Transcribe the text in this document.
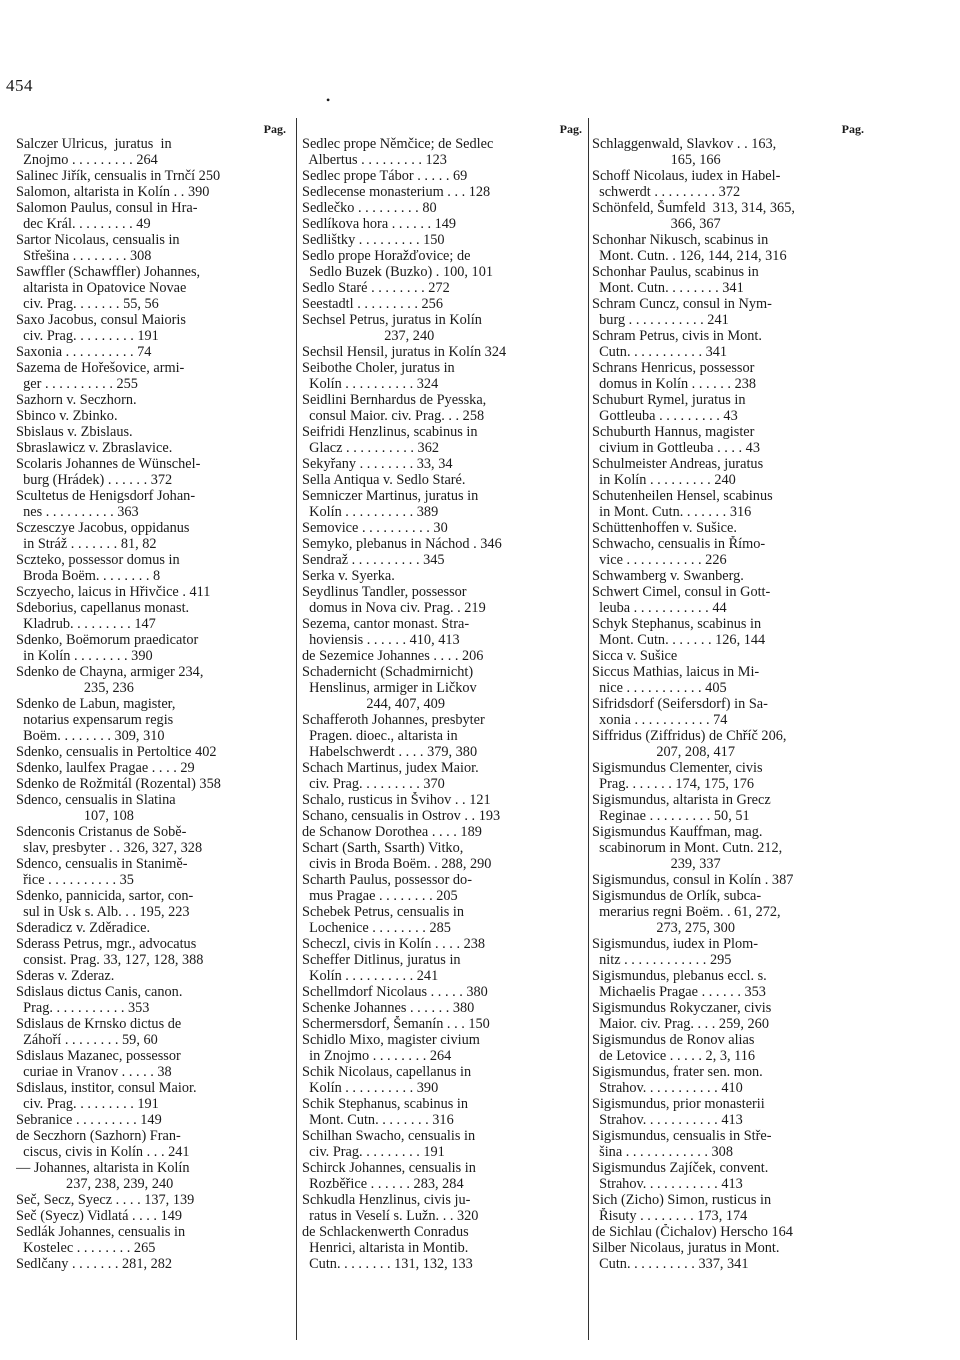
454
•
Pag.
Salczer Ulricus,  juratus  in
Znojmo . . . . . . . . . 264
Salinec Jiřík, censualis in Trnčí 250
Salomon, altarista in Kolín . . 390
Salomon Paulus, consul in Hra-
dec Král. . . . . . . . . 49
Sartor Nicolaus, censualis in
Střešina . . . . . . . . 308
Sawffler (Schawffler) Johannes,
altarista in Opatovice Novae
civ. Prag. . . . . . . 55, 56
Saxo Jacobus, consul Maioris
civ. Prag. . . . . . . . . 191
Saxonia . . . . . . . . . . 74
Sazema de Hořešovice, armi-
ger . . . . . . . . . . 255
Sazhorn v. Seczhorn.
Sbinco v. Zbinko.
Sbislaus v. Zbislaus.
Sbraslawicz v. Zbraslavice.
Scolaris Johannes de Wünschel-
burg (Hrádek) . . . . . . 372
Scultetus de Henigsdorf Johan-
nes . . . . . . . . . . 363
Sczesczye Jacobus, oppidanus
in Stráž . . . . . . . 81, 82
Sczteko, possessor domus in
Broda Boëm. . . . . . . . 8
Sczyecho, laicus in Hřivčice . 411
Sdeborius, capellanus monast.
Kladrub. . . . . . . . . 147
Sdenko, Boëmorum praedicator
in Kolín . . . . . . . . 390
Sdenko de Chayna, armiger 234,
235, 236
Sdenko de Labun, magister,
notarius expensarum regis
Boëm. . . . . . . . 309, 310
Sdenko, censualis in Pertoltice 402
Sdenko, laulfex Pragae . . . . 29
Sdenko de Rožmitál (Rozental) 358
Sdenco, censualis in Slatina
107, 108
Sdenconis Cristanus de Sobě-
slav, presbyter . . 326, 327, 328
Sdenco, censualis in Stanimě-
řice . . . . . . . . . . 35
Sdenko, pannicida, sartor, con-
sul in Usk s. Alb. . . 195, 223
Sderadicz v. Zděradice.
Sderass Petrus, mgr., advocatus
consist. Prag. 33, 127, 128, 388
Sderas v. Zderaz.
Sdislaus dictus Canis, canon.
Prag. . . . . . . . . . . 353
Sdislaus de Krnsko dictus de
Záhoří . . . . . . . . 59, 60
Sdislaus Mazanec, possessor
curiae in Vranov . . . . . 38
Sdislaus, institor, consul Maior.
civ. Prag. . . . . . . . . 191
Sebranice . . . . . . . . . 149
de Seczhorn (Sazhorn) Fran-
ciscus, civis in Kolín . . . 241
— Johannes, altarista in Kolín
237, 238, 239, 240
Seč, Secz, Syecz . . . . 137, 139
Seč (Syecz) Vidlatá . . . . 149
Sedlák Johannes, censualis in
Kostelec . . . . . . . . 265
Sedlčany . . . . . . . 281, 282
Pag.
Sedlec prope Němčice; de Sedlec
Albertus . . . . . . . . . 123
Sedlec prope Tábor . . . . . 69
Sedlecense monasterium . . . 128
Sedlečko . . . . . . . . . 80
Sedlíkova hora . . . . . . 149
Sedlištky . . . . . . . . . 150
Sedlo prope Horažďovice; de
Sedlo Buzek (Buzko) . 100, 101
Sedlo Staré . . . . . . . . 272
Seestadtl . . . . . . . . . 256
Sechsel Petrus, juratus in Kolín
237, 240
Sechsil Hensil, juratus in Kolín 324
Seibothe Choler, juratus in
Kolín . . . . . . . . . . 324
Seidlini Bernhardus de Pyesska,
consul Maior. civ. Prag. . . 258
Seifridi Henzlinus, scabinus in
Glacz . . . . . . . . . . 362
Sekyřany . . . . . . . . 33, 34
Sella Antiqua v. Sedlo Staré.
Semniczer Martinus, juratus in
Kolín . . . . . . . . . . 389
Semovice . . . . . . . . . . 30
Semyko, plebanus in Náchod . 346
Sendraž . . . . . . . . . . 345
Serka v. Syerka.
Seydlinus Tandler, possessor
domus in Nova civ. Prag. . 219
Sezema, cantor monast. Stra-
hoviensis . . . . . . 410, 413
de Sezemice Johannes . . . . 206
Schadernicht (Schadmirnicht)
Henslinus, armiger in Ličkov
244, 407, 409
Schafferoth Johannes, presbyter
Pragen. dioec., altarista in
Habelschwerdt . . . . 379, 380
Schach Martinus, judex Maior.
civ. Prag. . . . . . . . . 370
Schalo, rusticus in Švihov . . 121
Schano, censualis in Ostrov . . 193
de Schanow Dorothea . . . . 189
Schart (Sarth, Ssarth) Vitko,
civis in Broda Boëm. . 288, 290
Scharth Paulus, possessor do-
mus Pragae . . . . . . . . 205
Schebek Petrus, censualis in
Lochenice . . . . . . . . 285
Scheczl, civis in Kolín . . . . 238
Scheffer Ditlinus, juratus in
Kolín . . . . . . . . . . 241
Schellmdorf Nicolaus . . . . . 380
Schenke Johannes . . . . . . 380
Schermersdorf, Šemanín . . . 150
Schidlo Mixo, magister civium
in Znojmo . . . . . . . . 264
Schik Nicolaus, capellanus in
Kolín . . . . . . . . . . 390
Schik Stephanus, scabinus in
Mont. Cutn. . . . . . . . 316
Schilhan Swacho, censualis in
civ. Prag. . . . . . . . . 191
Schirck Johannes, censualis in
Rozběřice . . . . . . 283, 284
Schkudla Henzlinus, civis ju-
ratus in Veselí s. Lužn. . . 320
de Schlackenwerth Conradus
Henrici, altarista in Montib.
Cutn. . . . . . . . 131, 132, 133
Pag.
Schlaggenwald, Slavkov . . 163,
165, 166
Schoff Nicolaus, iudex in Habel-
schwerdt . . . . . . . . . 372
Schönfeld, Šumfeld  313, 314, 365,
366, 367
Schonhar Nikusch, scabinus in
Mont. Cutn. . 126, 144, 214, 316
Schonhar Paulus, scabinus in
Mont. Cutn. . . . . . . . 341
Schram Cuncz, consul in Nym-
burg . . . . . . . . . . . 241
Schram Petrus, civis in Mont.
Cutn. . . . . . . . . . . 341
Schrans Henricus, possessor
domus in Kolín . . . . . . 238
Schuburt Rymel, juratus in
Gottleuba . . . . . . . . . 43
Schuburth Hannus, magister
civium in Gottleuba . . . . 43
Schulmeister Andreas, juratus
in Kolín . . . . . . . . . 240
Schutenheilen Hensel, scabinus
in Mont. Cutn. . . . . . . 316
Schüttenhoffen v. Sušice.
Schwacho, censualis in Římo-
vice . . . . . . . . . . . 226
Schwamberg v. Swanberg.
Schwert Cimel, consul in Gott-
leuba . . . . . . . . . . . 44
Schyk Stephanus, scabinus in
Mont. Cutn. . . . . . . 126, 144
Sicca v. Sušice
Siccus Mathias, laicus in Mi-
nice . . . . . . . . . . . 405
Sifridsdorf (Seifersdorf) in Sa-
xonia . . . . . . . . . . . 74
Siffridus (Ziffridus) de Chříč 206,
207, 208, 417
Sigismundus Clementer, civis
Prag. . . . . . . 174, 175, 176
Sigismundus, altarista in Grecz
Reginae . . . . . . . . . 50, 51
Sigismundus Kauffman, mag.
scabinorum in Mont. Cutn. 212,
239, 337
Sigismundus, consul in Kolín . 387
Sigismundus de Orlík, subca-
merarius regni Boëm. . 61, 272,
273, 275, 300
Sigismundus, iudex in Plom-
nitz . . . . . . . . . . . . 295
Sigismundus, plebanus eccl. s.
Michaelis Pragae . . . . . . 353
Sigismundus Rokyczaner, civis
Maior. civ. Prag. . . . 259, 260
Sigismundus de Ronov alias
de Letovice . . . . . 2, 3, 116
Sigismundus, frater sen. mon.
Strahov. . . . . . . . . . . 410
Sigismundus, prior monasterii
Strahov. . . . . . . . . . . 413
Sigismundus, censualis in Stře-
šina . . . . . . . . . . . . 308
Sigismundus Zajíček, convent.
Strahov. . . . . . . . . . . 413
Sich (Zicho) Simon, rusticus in
Řisuty . . . . . . . . 173, 174
de Sichlau (Čichalov) Herscho 164
Silber Nicolaus, juratus in Mont.
Cutn. . . . . . . . . . 337, 341
